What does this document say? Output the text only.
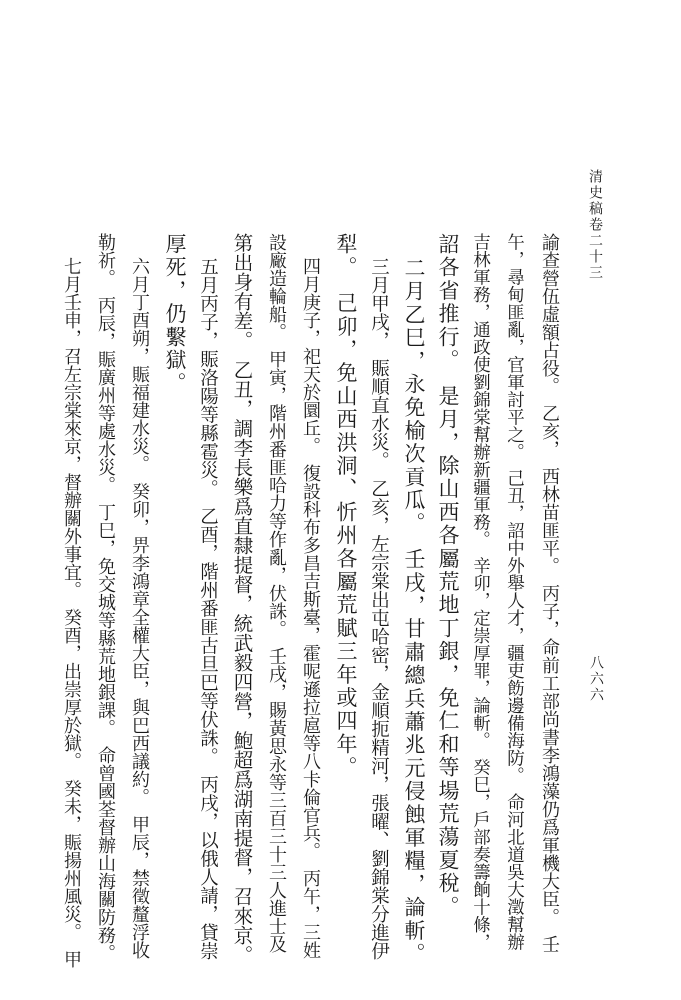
清史稿卷二十三
八六六
諭查營伍虛額占役。　乙亥，　西林苗匪平。　丙子，命前工部尚書李鴻藻仍爲軍機大臣。　壬
午，尋甸匪亂，官軍討平之。　己丑，詔中外舉人才，疆吏飭邊備海防。　命河北道吳大澂幫辦
吉林軍務，通政使劉錦棠幫辦新疆軍務。　辛卯，定崇厚罪，論斬。　癸巳，戶部奏籌餉十條，
詔各省推行。　是月，除山西各屬荒地丁銀，免仁和等場荒蕩夏稅。
二月乙巳，永免榆次貢瓜。　壬戌，甘肅總兵蕭兆元侵蝕軍糧，論斬。
三月甲戌，　賑順直水災。　乙亥，左宗棠出屯哈密，金順扼精河，張曜、劉錦棠分進伊
犁。　己卯，免山西洪洞、忻州各屬荒賦三年或四年。
四月庚子，祀天於圜丘。　復設科布多昌吉斯臺，霍呢遜拉扈等八卡倫官兵。　丙午，三姓
設廠造輪船。　甲寅，階州番匪哈力等作亂，伏誅。　壬戌，賜黃思永等三百三十三人進士及
第出身有差。　乙丑，調李長樂爲直隸提督，統武毅四營，鮑超爲湖南提督，召來京。
五月丙子，賑洛陽等縣雹災。　乙酉，階州番匪古旦巴等伏誅。　丙戌，以俄人請，貸崇
厚死，仍繫獄。
六月丁酉朔，賑福建水災。　癸卯，畀李鴻章全權大臣，與巴西議約。　甲辰，禁徵釐浮收
勒祈。　丙辰，賑廣州等處水災。　丁巳，免交城等縣荒地銀課。　命曾國荃督辦山海關防務。
七月壬申，召左宗棠來京，督辦關外事宜。　癸酉，出崇厚於獄。　癸未，賑揚州風災。　甲
